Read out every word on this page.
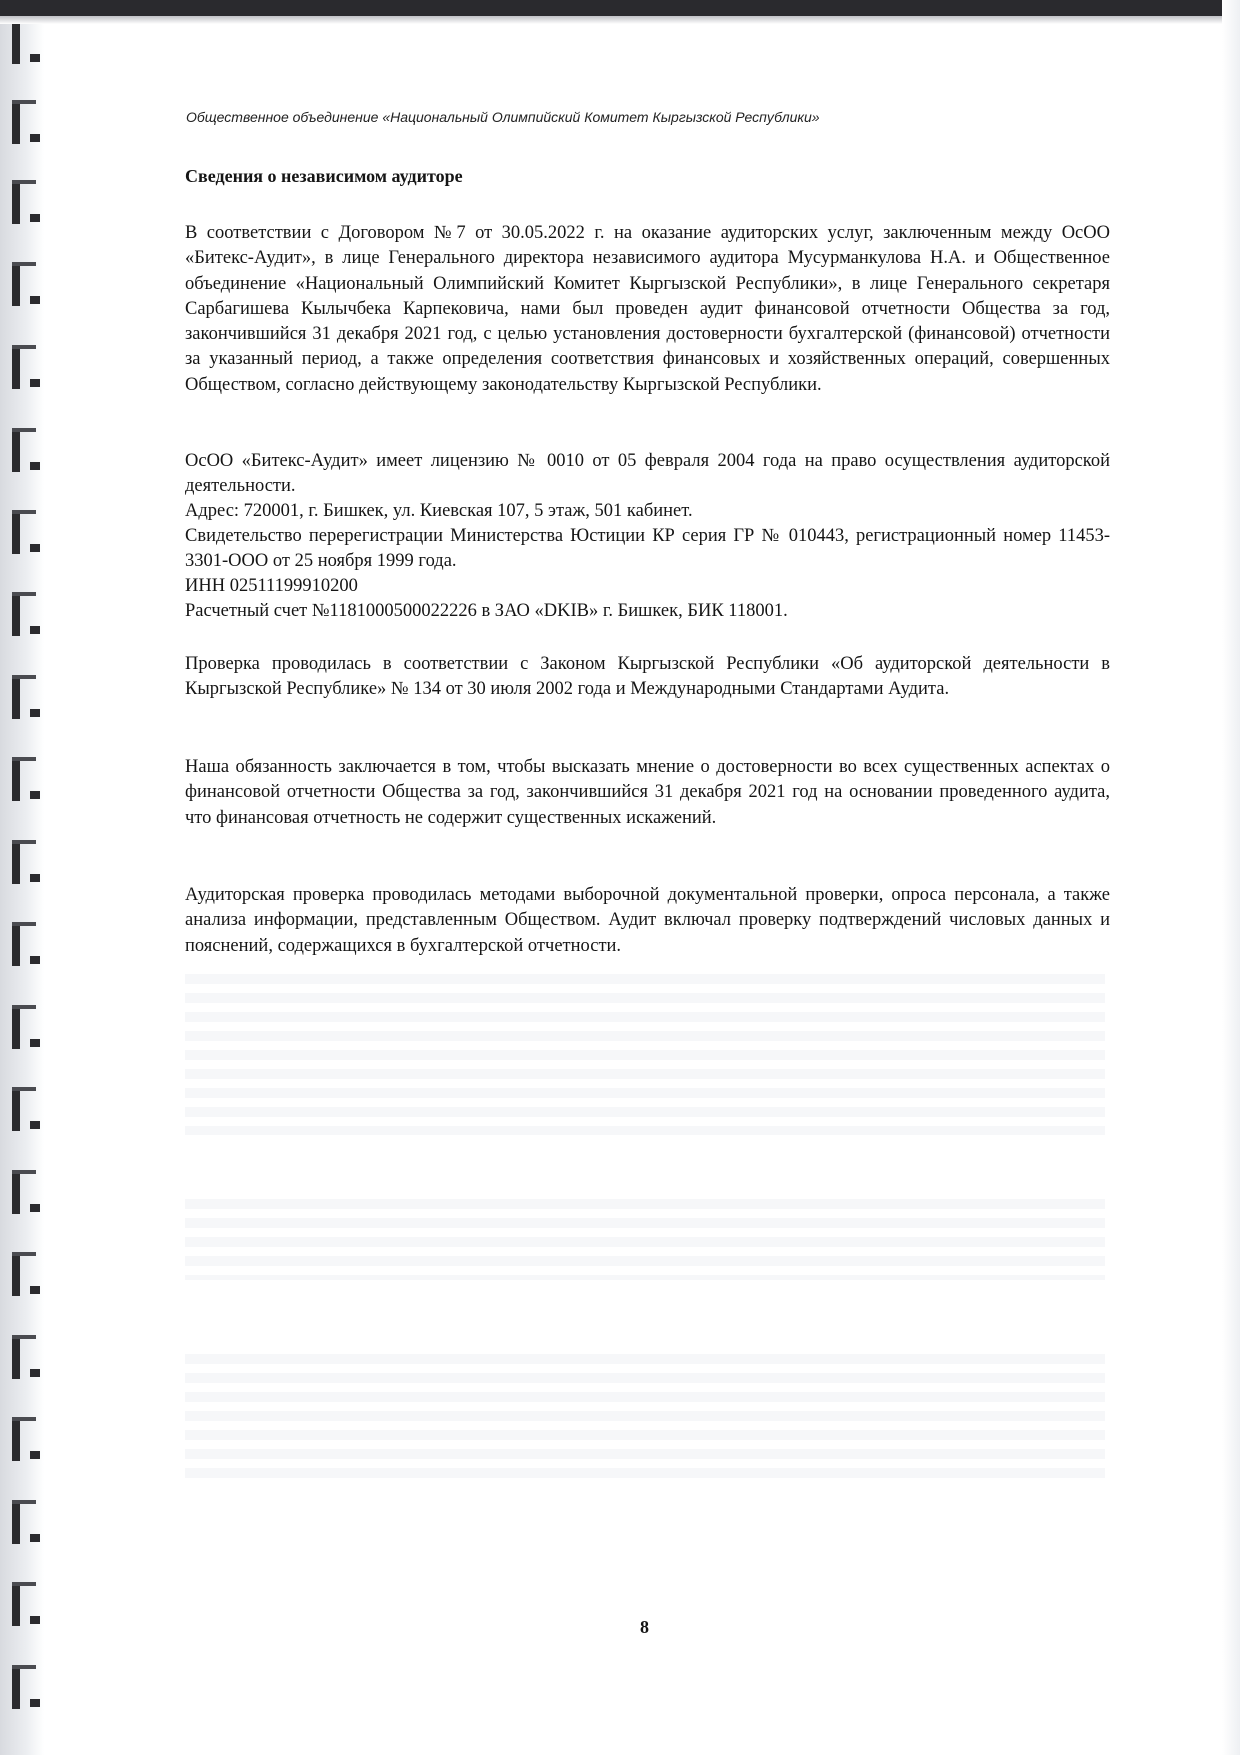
Общественное объединение «Национальный Олимпийский Комитет Кыргызской Республики»
Сведения о независимом аудиторе

В соответствии с Договором №7 от 30.05.2022 г. на оказание аудиторских услуг, заключенным между ОсОО «Битекс-Аудит», в лице Генерального директора независимого аудитора Мусурманкулова Н.А. и Общественное объединение «Национальный Олимпийский Комитет Кыргызской Республики», в лице Генерального секретаря Сарбагишева Кылычбека Карпековича, нами был проведен аудит финансовой отчетности Общества за год, закончившийся 31 декабря 2021 год, с целью установления достоверности бухгалтерской (финансовой) отчетности за указанный период, а также определения соответствия финансовых и хозяйственных операций, совершенных Обществом, согласно действующему законодательству Кыргызской Республики.

ОсОО «Битекс-Аудит» имеет лицензию № 0010 от 05 февраля 2004 года на право осуществления аудиторской деятельности.

Адрес: 720001, г. Бишкек, ул. Киевская 107, 5 этаж, 501 кабинет.

Свидетельство перерегистрации Министерства Юстиции КР серия ГР № 010443, регистрационный номер 11453-3301-ООО от 25 ноября 1999 года.

ИНН 02511199910200
Расчетный счет №1181000500022226 в ЗАО «DKIB» г. Бишкек, БИК 118001.

Проверка проводилась в соответствии с Законом Кыргызской Республики «Об аудиторской деятельности в Кыргызской Республике» № 134 от 30 июля 2002 года и Международными Стандартами Аудита.

Наша обязанность заключается в том, чтобы высказать мнение о достоверности во всех существенных аспектах о финансовой отчетности Общества за год, закончившийся 31 декабря 2021 год на основании проведенного аудита, что финансовая отчетность не содержит существенных искажений.

Аудиторская проверка проводилась методами выборочной документальной проверки, опроса персонала, а также анализа информации, представленным Обществом. Аудит включал проверку подтверждений числовых данных и пояснений, содержащихся в бухгалтерской отчетности.

8
